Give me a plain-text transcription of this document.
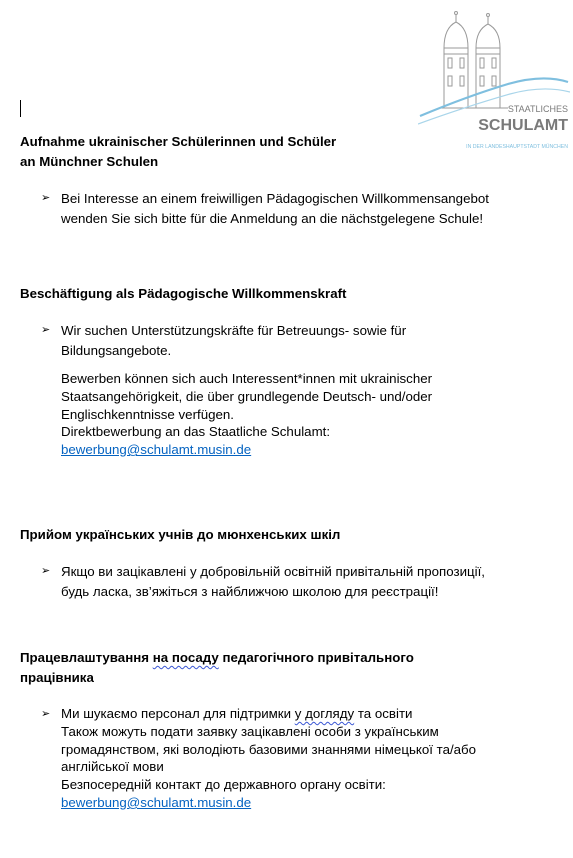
STAATLICHES
SCHULAMT
IN DER LANDESHAUPTSTADT MÜNCHEN
Aufnahme ukrainischer Schülerinnen und Schüler
an Münchner Schulen
➢ Bei Interesse an einem freiwilligen Pädagogischen Willkommensangebot wenden Sie sich bitte für die Anmeldung an die nächstgelegene Schule!
Beschäftigung als Pädagogische Willkommenskraft
➢ Wir suchen Unterstützungskräfte für Betreuungs- sowie für Bildungsangebote.
Bewerben können sich auch Interessent*innen mit ukrainischer Staatsangehörigkeit, die über grundlegende Deutsch- und/oder Englischkenntnisse verfügen.
Direktbewerbung an das Staatliche Schulamt:
bewerbung@schulamt.musin.de
Прийом українських учнів до мюнхенських шкіл
➢ Якщо ви зацікавлені у добровільній освітній привітальній пропозиції, будь ласка, зв’яжіться з найближчою школою для реєстрації!
Працевлаштування на посаду педагогічного привітального
працівника
➢ Ми шукаємо персонал для підтримки у догляду та освіти
Також можуть подати заявку зацікавлені особи з українським громадянством, які володіють базовими знаннями німецької та/або англійської мови
Безпосередній контакт до державного органу освіти:
bewerbung@schulamt.musin.de
